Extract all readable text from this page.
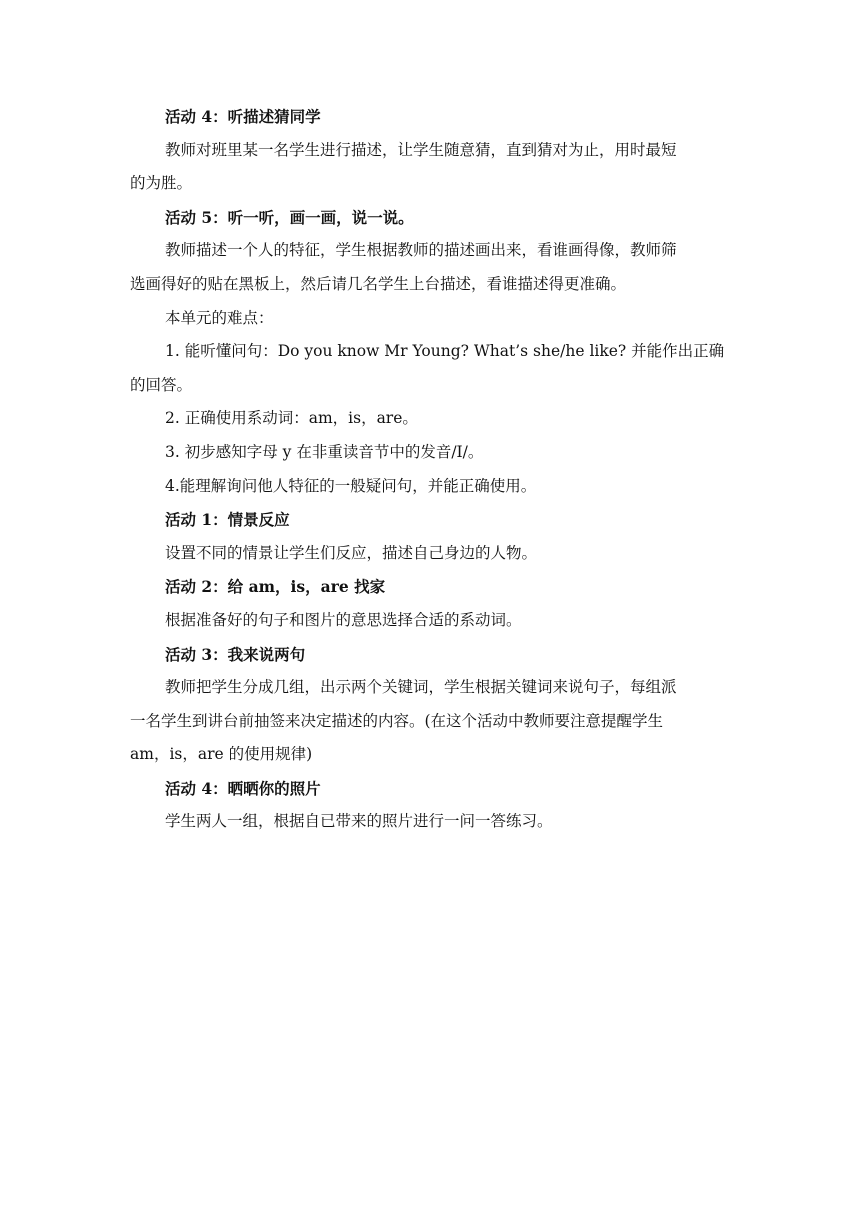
活动 4：听描述猜同学
教师对班里某一名学生进行描述，让学生随意猜，直到猜对为止，用时最短
的为胜。
活动 5：听一听，画一画，说一说。
教师描述一个人的特征，学生根据教师的描述画出来，看谁画得像，教师筛
选画得好的贴在黑板上，然后请几名学生上台描述，看谁描述得更准确。
本单元的难点：
1. 能听懂问句：Do you know Mr Young? What’s she/he like? 并能作出正确
的回答。
2. 正确使用系动词：am，is，are。
3. 初步感知字母 y 在非重读音节中的发音/I/。
4.能理解询问他人特征的一般疑问句，并能正确使用。
活动 1：情景反应
设置不同的情景让学生们反应，描述自己身边的人物。
活动 2：给 am，is，are 找家
根据准备好的句子和图片的意思选择合适的系动词。
活动 3：我来说两句
教师把学生分成几组，出示两个关键词，学生根据关键词来说句子，每组派
一名学生到讲台前抽签来决定描述的内容。(在这个活动中教师要注意提醒学生
am，is，are 的使用规律)
活动 4：晒晒你的照片
学生两人一组，根据自已带来的照片进行一问一答练习。
